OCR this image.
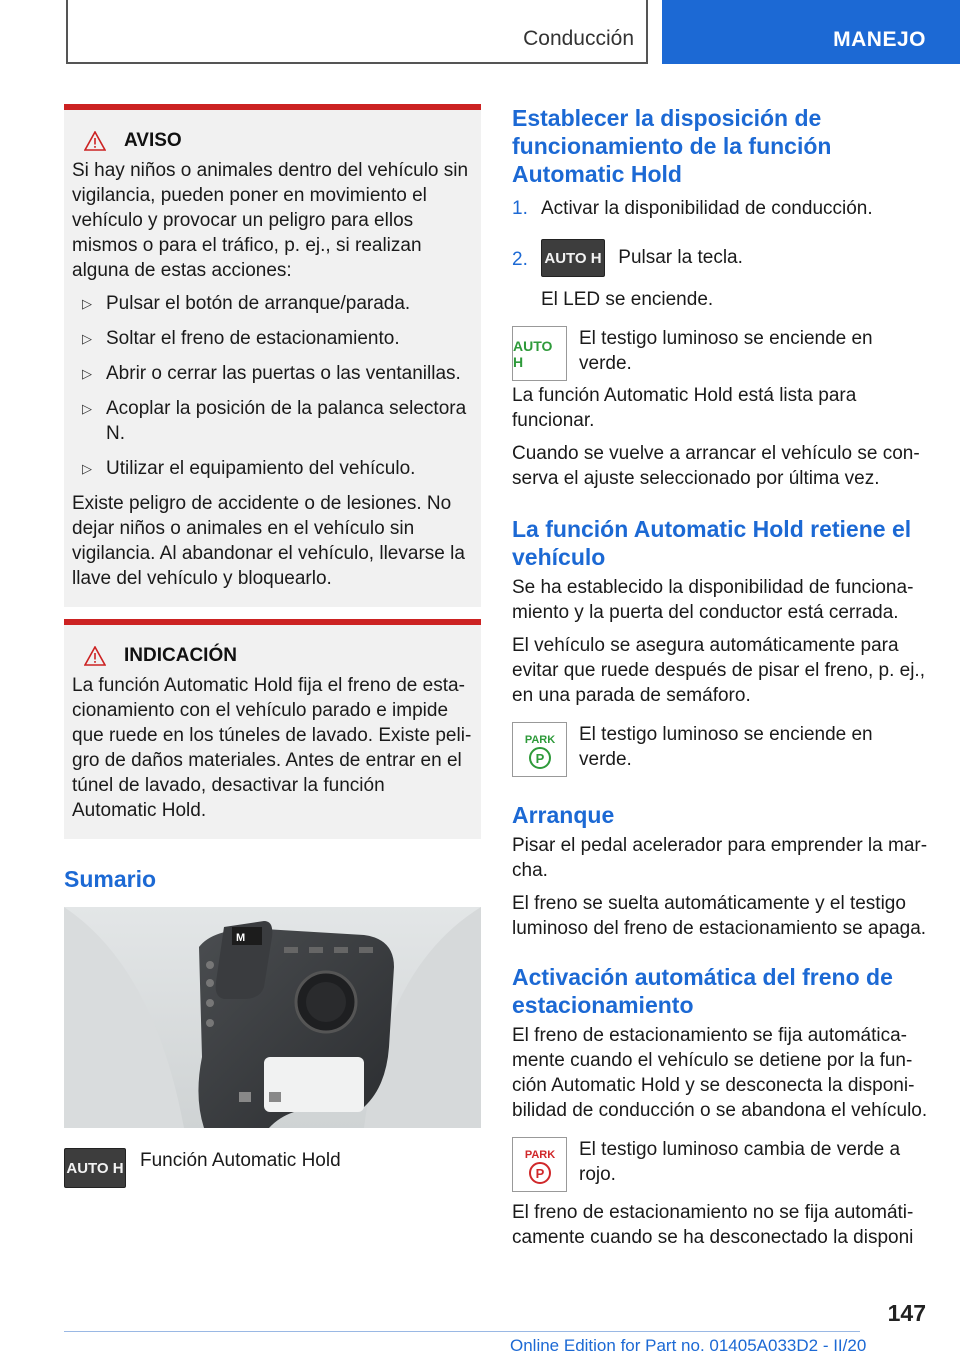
Conducción	MANEJO
AVISO

Si hay niños o animales dentro del vehículo sin vigilancia, pueden poner en movimiento el vehículo y provocar un peligro para ellos mismos o para el tráfico, p. ej., si realizan alguna de estas acciones:

▷ Pulsar el botón de arranque/parada.
▷ Soltar el freno de estacionamiento.
▷ Abrir o cerrar las puertas o las ventanillas.
▷ Acoplar la posición de la palanca selectora N.
▷ Utilizar el equipamiento del vehículo.

Existe peligro de accidente o de lesiones. No dejar niños o animales en el vehículo sin vigilancia. Al abandonar el vehículo, llevarse la llave del vehículo y bloquearlo.

INDICACIÓN

La función Automatic Hold fija el freno de estacionamiento con el vehículo parado e impide que ruede en los túneles de lavado. Existe peligro de daños materiales. Antes de entrar en el túnel de lavado, desactivar la función Automatic Hold.

Sumario
M
AUTO H Función Automatic Hold

Establecer la disposición de funcionamiento de la función Automatic Hold
1. Activar la disponibilidad de conducción.
2. AUTO H Pulsar la tecla.
El LED se enciende.
AUTO H
El testigo luminoso se enciende en verde.

La función Automatic Hold está lista para funcionar.

Cuando se vuelve a arrancar el vehículo se conserva el ajuste seleccionado por última vez.

La función Automatic Hold retiene el vehículo

Se ha establecido la disponibilidad de funcionamiento y la puerta del conductor está cerrada.

El vehículo se asegura automáticamente para evitar que ruede después de pisar el freno, p. ej., en una parada de semáforo.

PARK
P
El testigo luminoso se enciende en verde.
Arranque

Pisar el pedal acelerador para emprender la marcha.

El freno se suelta automáticamente y el testigo luminoso del freno de estacionamiento se apaga.

Activación automática del freno de estacionamiento

El freno de estacionamiento se fija automáticamente cuando el vehículo se detiene por la función Automatic Hold y se desconecta la disponibilidad de conducción o se abandona el vehículo.

PARK
P
El testigo luminoso cambia de verde a rojo.

El freno de estacionamiento no se fija automáticamente cuando se ha desconectado la disponi

147
Online Edition for Part no. 01405A033D2 - II/20
